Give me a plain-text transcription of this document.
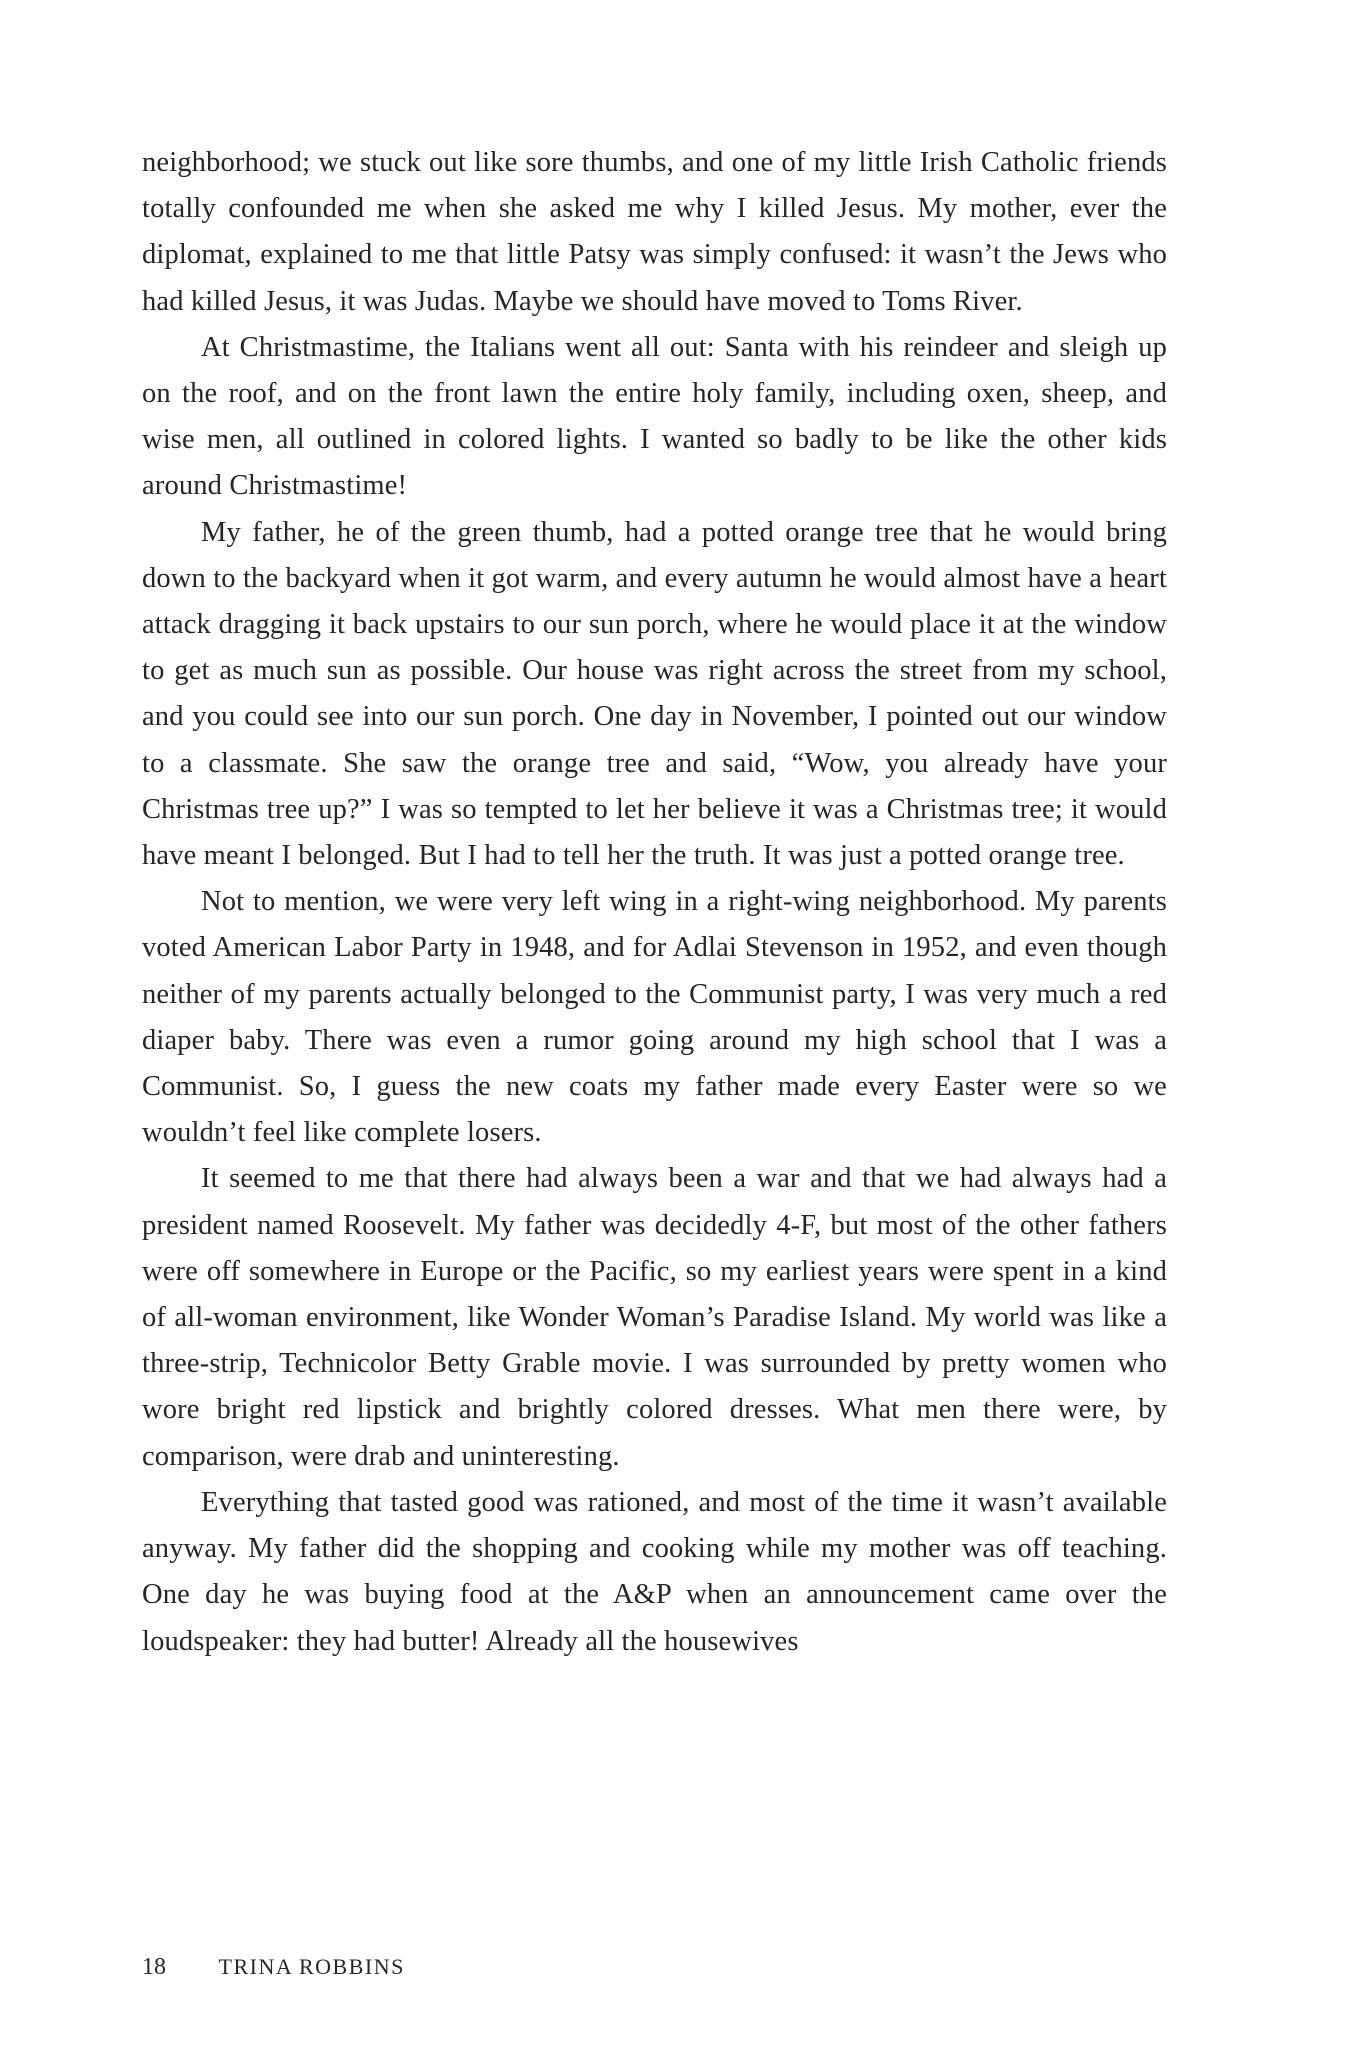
neighborhood; we stuck out like sore thumbs, and one of my little Irish Catholic friends totally confounded me when she asked me why I killed Jesus. My mother, ever the diplomat, explained to me that little Patsy was simply confused: it wasn’t the Jews who had killed Jesus, it was Judas. Maybe we should have moved to Toms River.

At Christmastime, the Italians went all out: Santa with his reindeer and sleigh up on the roof, and on the front lawn the entire holy family, including oxen, sheep, and wise men, all outlined in colored lights. I wanted so badly to be like the other kids around Christmastime!

My father, he of the green thumb, had a potted orange tree that he would bring down to the backyard when it got warm, and every autumn he would almost have a heart attack dragging it back upstairs to our sun porch, where he would place it at the window to get as much sun as possible. Our house was right across the street from my school, and you could see into our sun porch. One day in November, I pointed out our window to a classmate. She saw the orange tree and said, “Wow, you already have your Christmas tree up?” I was so tempted to let her believe it was a Christmas tree; it would have meant I belonged. But I had to tell her the truth. It was just a potted orange tree.

Not to mention, we were very left wing in a right-wing neighborhood. My parents voted American Labor Party in 1948, and for Adlai Stevenson in 1952, and even though neither of my parents actually belonged to the Communist party, I was very much a red diaper baby. There was even a rumor going around my high school that I was a Communist. So, I guess the new coats my father made every Easter were so we wouldn’t feel like complete losers.

It seemed to me that there had always been a war and that we had always had a president named Roosevelt. My father was decidedly 4-F, but most of the other fathers were off somewhere in Europe or the Pacific, so my earliest years were spent in a kind of all-woman environment, like Wonder Woman’s Paradise Island. My world was like a three-strip, Technicolor Betty Grable movie. I was surrounded by pretty women who wore bright red lipstick and brightly colored dresses. What men there were, by comparison, were drab and uninteresting.

Everything that tasted good was rationed, and most of the time it wasn’t available anyway. My father did the shopping and cooking while my mother was off teaching. One day he was buying food at the A&P when an announcement came over the loudspeaker: they had butter! Already all the housewives

18 TRINA ROBBINS
